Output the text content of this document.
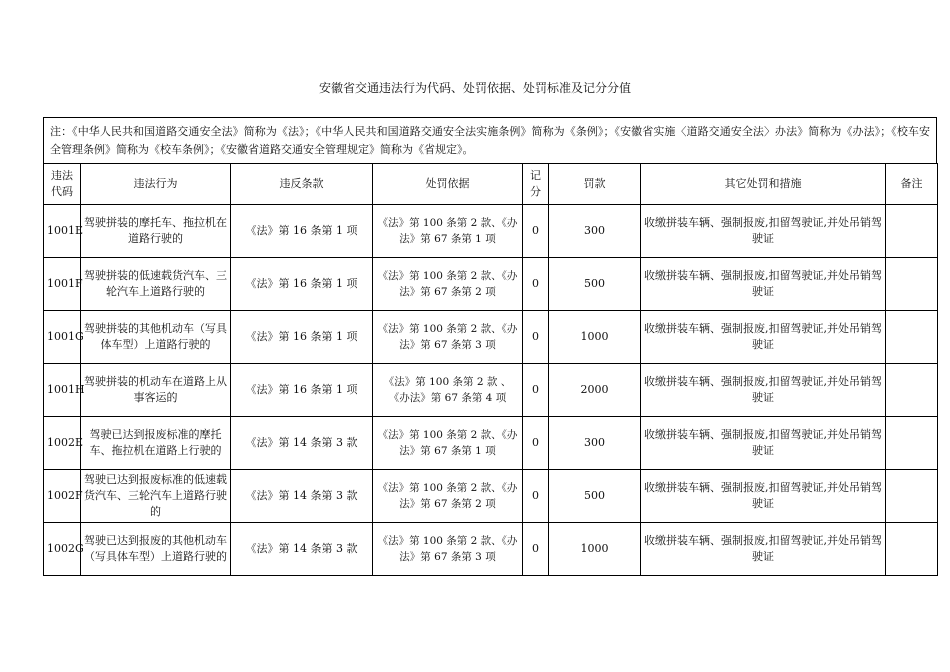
安徽省交通违法行为代码、处罚依据、处罚标准及记分分值
注：《中华人民共和国道路交通安全法》简称为《法》；《中华人民共和国道路交通安全法实施条例》简称为《条例》；《安徽省实施〈道路交通安全法〉办法》简称为《办法》；《校车安全管理条例》简称为《校车条例》；《安徽省道路交通安全管理规定》简称为《省规定》。
违法代码	违法行为	违反条款	处罚依据	记分	罚款	其它处罚和措施	备注
1001E	驾驶拼装的摩托车、拖拉机在道路行驶的	《法》第 16 条第 1 项	《法》第 100 条第 2 款、《办法》第 67 条第 1 项	0	300	收缴拼装车辆、强制报废,扣留驾驶证,并处吊销驾驶证	
1001F	驾驶拼装的低速载货汽车、三轮汽车上道路行驶的	《法》第 16 条第 1 项	《法》第 100 条第 2 款、《办法》第 67 条第 2 项	0	500	收缴拼装车辆、强制报废,扣留驾驶证,并处吊销驾驶证	
1001G	驾驶拼装的其他机动车（写具体车型）上道路行驶的	《法》第 16 条第 1 项	《法》第 100 条第 2 款、《办法》第 67 条第 3 项	0	1000	收缴拼装车辆、强制报废,扣留驾驶证,并处吊销驾驶证	
1001H	驾驶拼装的机动车在道路上从事客运的	《法》第 16 条第 1 项	《法》第 100 条第 2 款 、《办法》第 67 条第 4 项	0	2000	收缴拼装车辆、强制报废,扣留驾驶证,并处吊销驾驶证	
1002E	驾驶已达到报废标准的摩托车、拖拉机在道路上行驶的	《法》第 14 条第 3 款	《法》第 100 条第 2 款、《办法》第 67 条第 1 项	0	300	收缴拼装车辆、强制报废,扣留驾驶证,并处吊销驾驶证	
1002F	驾驶已达到报废标准的低速载货汽车、三轮汽车上道路行驶的	《法》第 14 条第 3 款	《法》第 100 条第 2 款、《办法》第 67 条第 2 项	0	500	收缴拼装车辆、强制报废,扣留驾驶证,并处吊销驾驶证	
1002G	驾驶已达到报废的其他机动车（写具体车型）上道路行驶的	《法》第 14 条第 3 款	《法》第 100 条第 2 款、《办法》第 67 条第 3 项	0	1000	收缴拼装车辆、强制报废,扣留驾驶证,并处吊销驾驶证	
